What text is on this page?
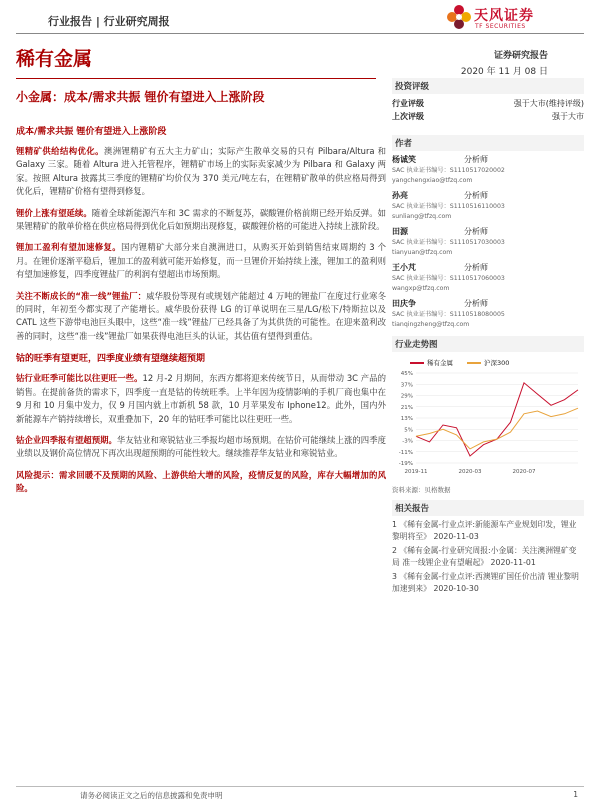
行业报告 | 行业研究周报	天风证券
TF SECURITIES
稀有金属	证券研究报告
2020 年 11 月 08 日
小金属：成本/需求共振 锂价有望进入上涨阶段
成本/需求共振 锂价有望进入上涨阶段
锂精矿供给结构优化。澳洲锂精矿有五大主力矿山；实际产生散单交易的只有 Pilbara/Altura 和 Galaxy 三家。随着 Altura 进入托管程序，锂精矿市场上的实际卖家减少为 Pilbara 和 Galaxy 两家。按照 Altura 披露其三季度的锂精矿均价仅为 370 美元/吨左右，在锂精矿散单的供应格局得到优化后，锂精矿价格有望得到修复。
锂价上涨有望延续。随着全球新能源汽车和 3C 需求的不断复苏，碳酸锂价格前期已经开始反弹。如果锂精矿的散单价格在供应格局得到优化后如预期出现修复，碳酸锂价格的可能进入持续上涨阶段。
锂加工盈利有望加速修复。国内锂精矿大部分来自澳洲进口，从购买开始到销售结束周期约 3 个月。在锂价逐渐平稳后，锂加工的盈利就可能开始修复，而一旦锂价开始持续上涨，锂加工的盈利则有望加速修复，四季度锂盐厂的利润有望超出市场预期。
关注不断成长的“准一线”锂盐厂：威华股份等现有或规划产能超过 4 万吨的锂盐厂在度过行业寒冬的同时，年初至今都实现了产能增长。威华股份获得 LG 的订单说明在三星/LG/松下/特斯拉以及 CATL 这些下游带电池巨头眼中，这些“准一线”锂盐厂已经具备了为其供货的可能性。在迎来盈利改善的同时，这些“准一线”锂盐厂如果获得电池巨头的认证，其估值有望得到重估。
钴的旺季有望更旺，四季度业绩有望继续超预期
钴行业旺季可能比以往更旺一些。12 月-2 月期间，东西方都将迎来传统节日，从而带动 3C 产品的销售。在提前备货的需求下，四季度一直是钴的传统旺季。上半年因为疫情影响的手机厂商也集中在 9 月和 10 月集中发力，仅 9 月国内就上市新机 58 款，10 月苹果发布 Iphone12。此外，国内外新能源车产销持续增长，双重叠加下，20 年的钴旺季可能比以往更旺一些。
钴企业四季报有望超预期。华友钴业和寒锐钴业三季报均超市场预期。在钴价可能继续上涨的四季度业绩以及钢价高位情况下再次出现超预期的可能性较大。继续推荐华友钴业和寒锐钴业。
风险提示：需求回暖不及预期的风险、上游供给大增的风险，疫情反复的风险，库存大幅增加的风险。
投资评级
行业评级	强于大市(维持评级)
上次评级	强于大市
作者
杨诚笑	分析师
SAC 执业证书编号：S1110517020002
yangchengxiao@tfzq.com
孙亮	分析师
SAC 执业证书编号：S1110516110003
sunliang@tfzq.com
田源	分析师
SAC 执业证书编号：S1110517030003
tianyuan@tfzq.com
王小芃	分析师
SAC 执业证书编号：S1110517060003
wangxp@tfzq.com
田庆争	分析师
SAC 执业证书编号：S1110518080005
tianqingzheng@tfzq.com
行业走势图
稀有金属	沪深300
45%
37%
29%
21%
13%
5%
-3%
-11%
-19%
2019-11	2020-03	2020-07
资料来源：贝格数据
相关报告
1 《稀有金属-行业点评:新能源车产业规划印发，锂业黎明将至》 2020-11-03
2 《稀有金属-行业研究周报:小金属：关注澳洲锂矿变局 准一线锂企业有望崛起》 2020-11-01
3 《稀有金属-行业点评:西澳锂矿国任价出清 锂业黎明加速到来》 2020-10-30
请务必阅读正文之后的信息披露和免责申明	1
